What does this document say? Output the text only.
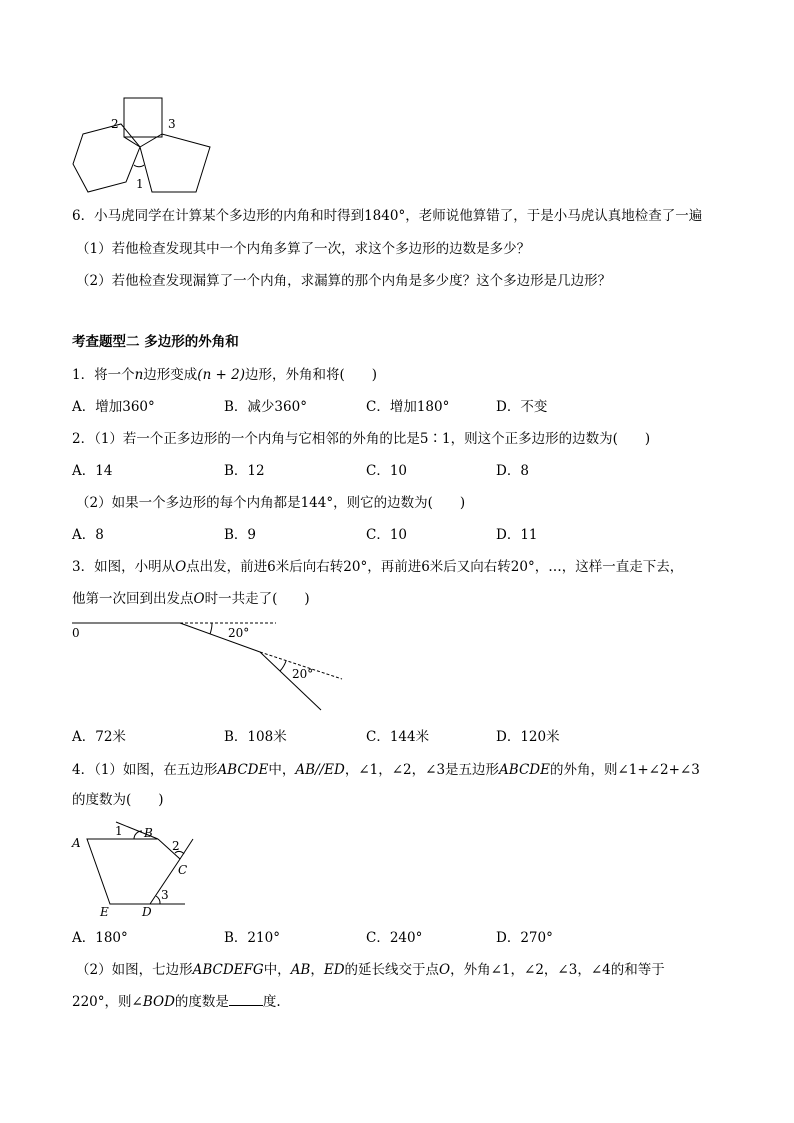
1
2	3
6．小马虎同学在计算某个多边形的内角和时得到1840°，老师说他算错了，于是小马虎认真地检查了一遍
（1）若他检查发现其中一个内角多算了一次，求这个多边形的边数是多少？
（2）若他检查发现漏算了一个内角，求漏算的那个内角是多少度？这个多边形是几边形？
考查题型二 多边形的外角和
1．将一个n边形变成(n + 2)边形，外角和将(　　)
A．增加360°	B．减少360°	C．增加180°	D．不变
2．（1）若一个正多边形的一个内角与它相邻的外角的比是5∶1，则这个正多边形的边数为(　　)
A．14	B．12	C．10	D．8
（2）如果一个多边形的每个内角都是144°，则它的边数为(　　)
A．8	B．9	C．10	D．11
3．如图，小明从O点出发，前进6米后向右转20°，再前进6米后又向右转20°，…，这样一直走下去，
他第一次回到出发点O时一共走了(　　)
0	20°
20°
A．72米	B．108米	C．144米	D．120米
4．（1）如图，在五边形ABCDE中，AB//ED，∠1，∠2，∠3是五边形ABCDE的外角，则∠1+∠2+∠3
的度数为(　　)
A
B
C
D
E
1
2
3
A．180°	B．210°	C．240°	D．270°
（2）如图，七边形ABCDEFG中，AB，ED的延长线交于点O，外角∠1，∠2，∠3，∠4的和等于
220°，则∠BOD的度数是	度.
